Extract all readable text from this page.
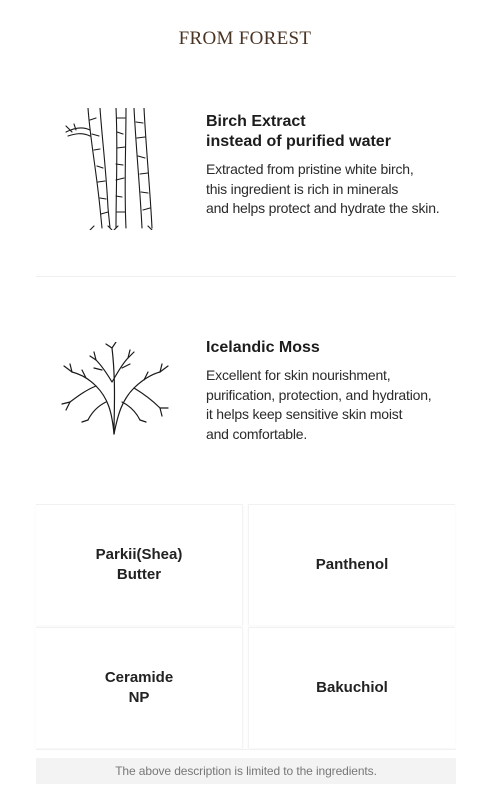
FROM FOREST
Birch Extract
instead of purified water

Extracted from pristine white birch,
this ingredient is rich in minerals
and helps protect and hydrate the skin.

Icelandic Moss

Excellent for skin nourishment,
purification, protection, and hydration,
it helps keep sensitive skin moist
and comfortable.

Parkii(Shea)
Butter
Panthenol
Ceramide
NP
Bakuchiol
The above description is limited to the ingredients.
